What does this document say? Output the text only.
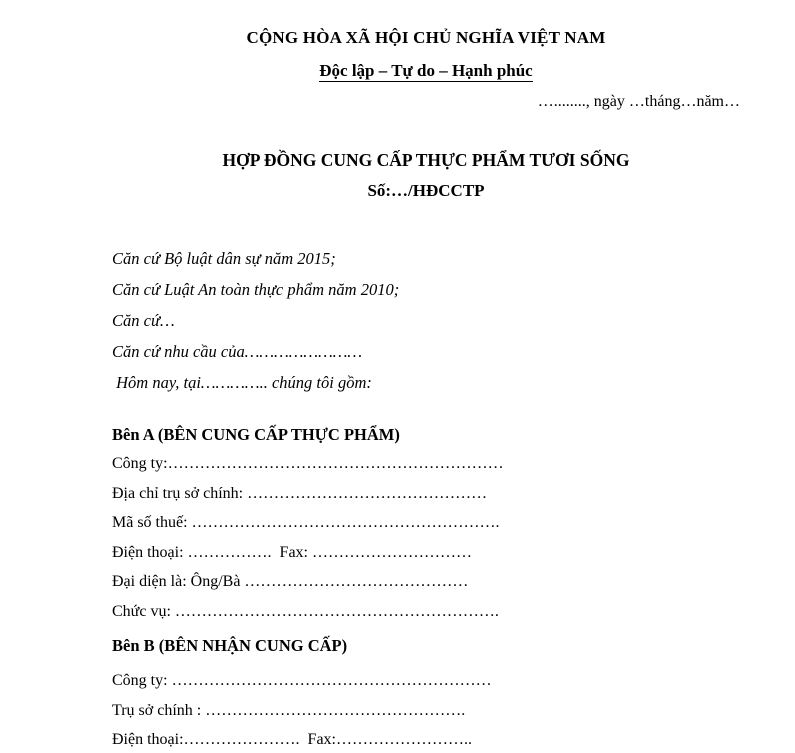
CỘNG HÒA XÃ HỘI CHỦ NGHĨA VIỆT NAM
Độc lập – Tự do – Hạnh phúc
…........, ngày …tháng…năm…
HỢP ĐỒNG CUNG CẤP THỰC PHẨM TƯƠI SỐNG
Số:…/HĐCCTP
Căn cứ Bộ luật dân sự năm 2015;
Căn cứ Luật An toàn thực phẩm năm 2010;
Căn cứ…
Căn cứ nhu cầu của……………………
Hôm nay, tại………….. chúng tôi gồm:
Bên A (BÊN CUNG CẤP THỰC PHẨM)
Công ty:………………………………………………………
Địa chỉ trụ sở chính: ………………………………………
Mã số thuế: ………………………………………………….
Điện thoại: …………….  Fax: …………………………
Đại diện là: Ông/Bà ……………………………………
Chức vụ: …………………………………………………….
Bên B (BÊN NHẬN CUNG CẤP)
Công ty: ……………………………………………………
Trụ sở chính : ………………………………………….
Điện thoại:………………….  Fax:……………………..
